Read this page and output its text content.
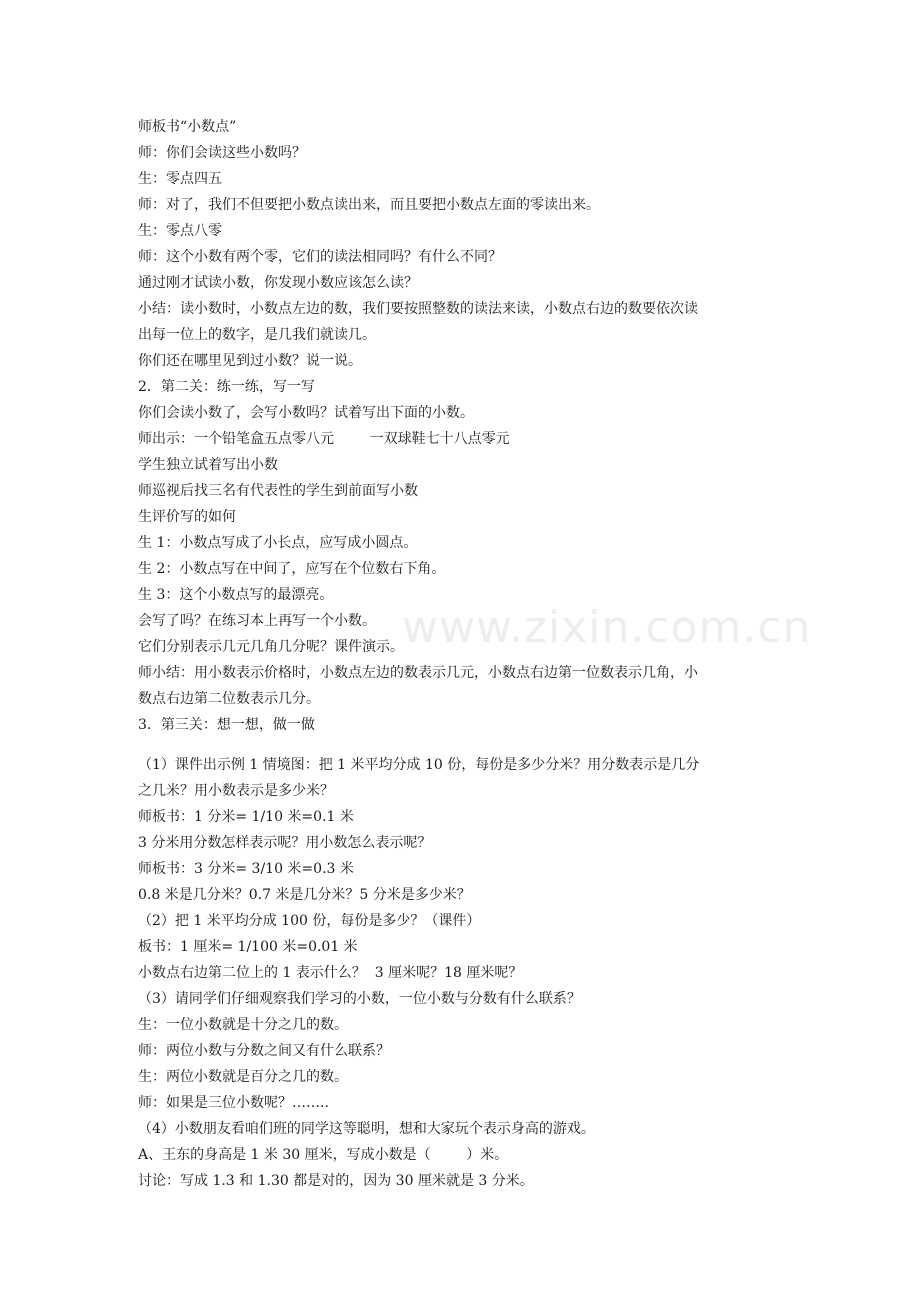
师板书“小数点”

师：你们会读这些小数吗？

生：零点四五

师：对了，我们不但要把小数点读出来，而且要把小数点左面的零读出来。

生：零点八零

师：这个小数有两个零，它们的读法相同吗？有什么不同？

通过刚才试读小数，你发现小数应该怎么读？

小结：读小数时，小数点左边的数，我们要按照整数的读法来读，小数点右边的数要依次读

出每一位上的数字，是几我们就读几。

你们还在哪里见到过小数？说一说。

2．第二关：练一练，写一写

你们会读小数了，会写小数吗？试着写出下面的小数。

师出示：一个铅笔盒五点零八元        一双球鞋七十八点零元

学生独立试着写出小数

师巡视后找三名有代表性的学生到前面写小数

生评价写的如何

生 1：小数点写成了小长点，应写成小圆点。

生 2：小数点写在中间了，应写在个位数右下角。

生 3：这个小数点写的最漂亮。

会写了吗？在练习本上再写一个小数。

它们分别表示几元几角几分呢？课件演示。

师小结：用小数表示价格时，小数点左边的数表示几元，小数点右边第一位数表示几角，小

数点右边第二位数表示几分。

3．第三关：想一想，做一做

（1）课件出示例 1 情境图：把 1 米平均分成 10 份，每份是多少分米？用分数表示是几分

之几米？用小数表示是多少米？

师板书：1 分米= 1/10 米=0.1 米

3 分米用分数怎样表示呢？用小数怎么表示呢？

师板书：3 分米= 3/10 米=0.3 米

0.8 米是几分米？0.7 米是几分米？5 分米是多少米？

（2）把 1 米平均分成 100 份，每份是多少？（课件）

板书：1 厘米= 1/100 米=0.01 米

小数点右边第二位上的 1 表示什么？  3 厘米呢？18 厘米呢？

（3）请同学们仔细观察我们学习的小数，一位小数与分数有什么联系？

生：一位小数就是十分之几的数。

师：两位小数与分数之间又有什么联系？

生：两位小数就是百分之几的数。

师：如果是三位小数呢？……..

（4）小数朋友看咱们班的同学这等聪明，想和大家玩个表示身高的游戏。

A、王东的身高是 1 米 30 厘米，写成小数是（        ）米。

讨论：写成 1.3 和 1.30 都是对的，因为 30 厘米就是 3 分米。

www.zixin.com.cn
